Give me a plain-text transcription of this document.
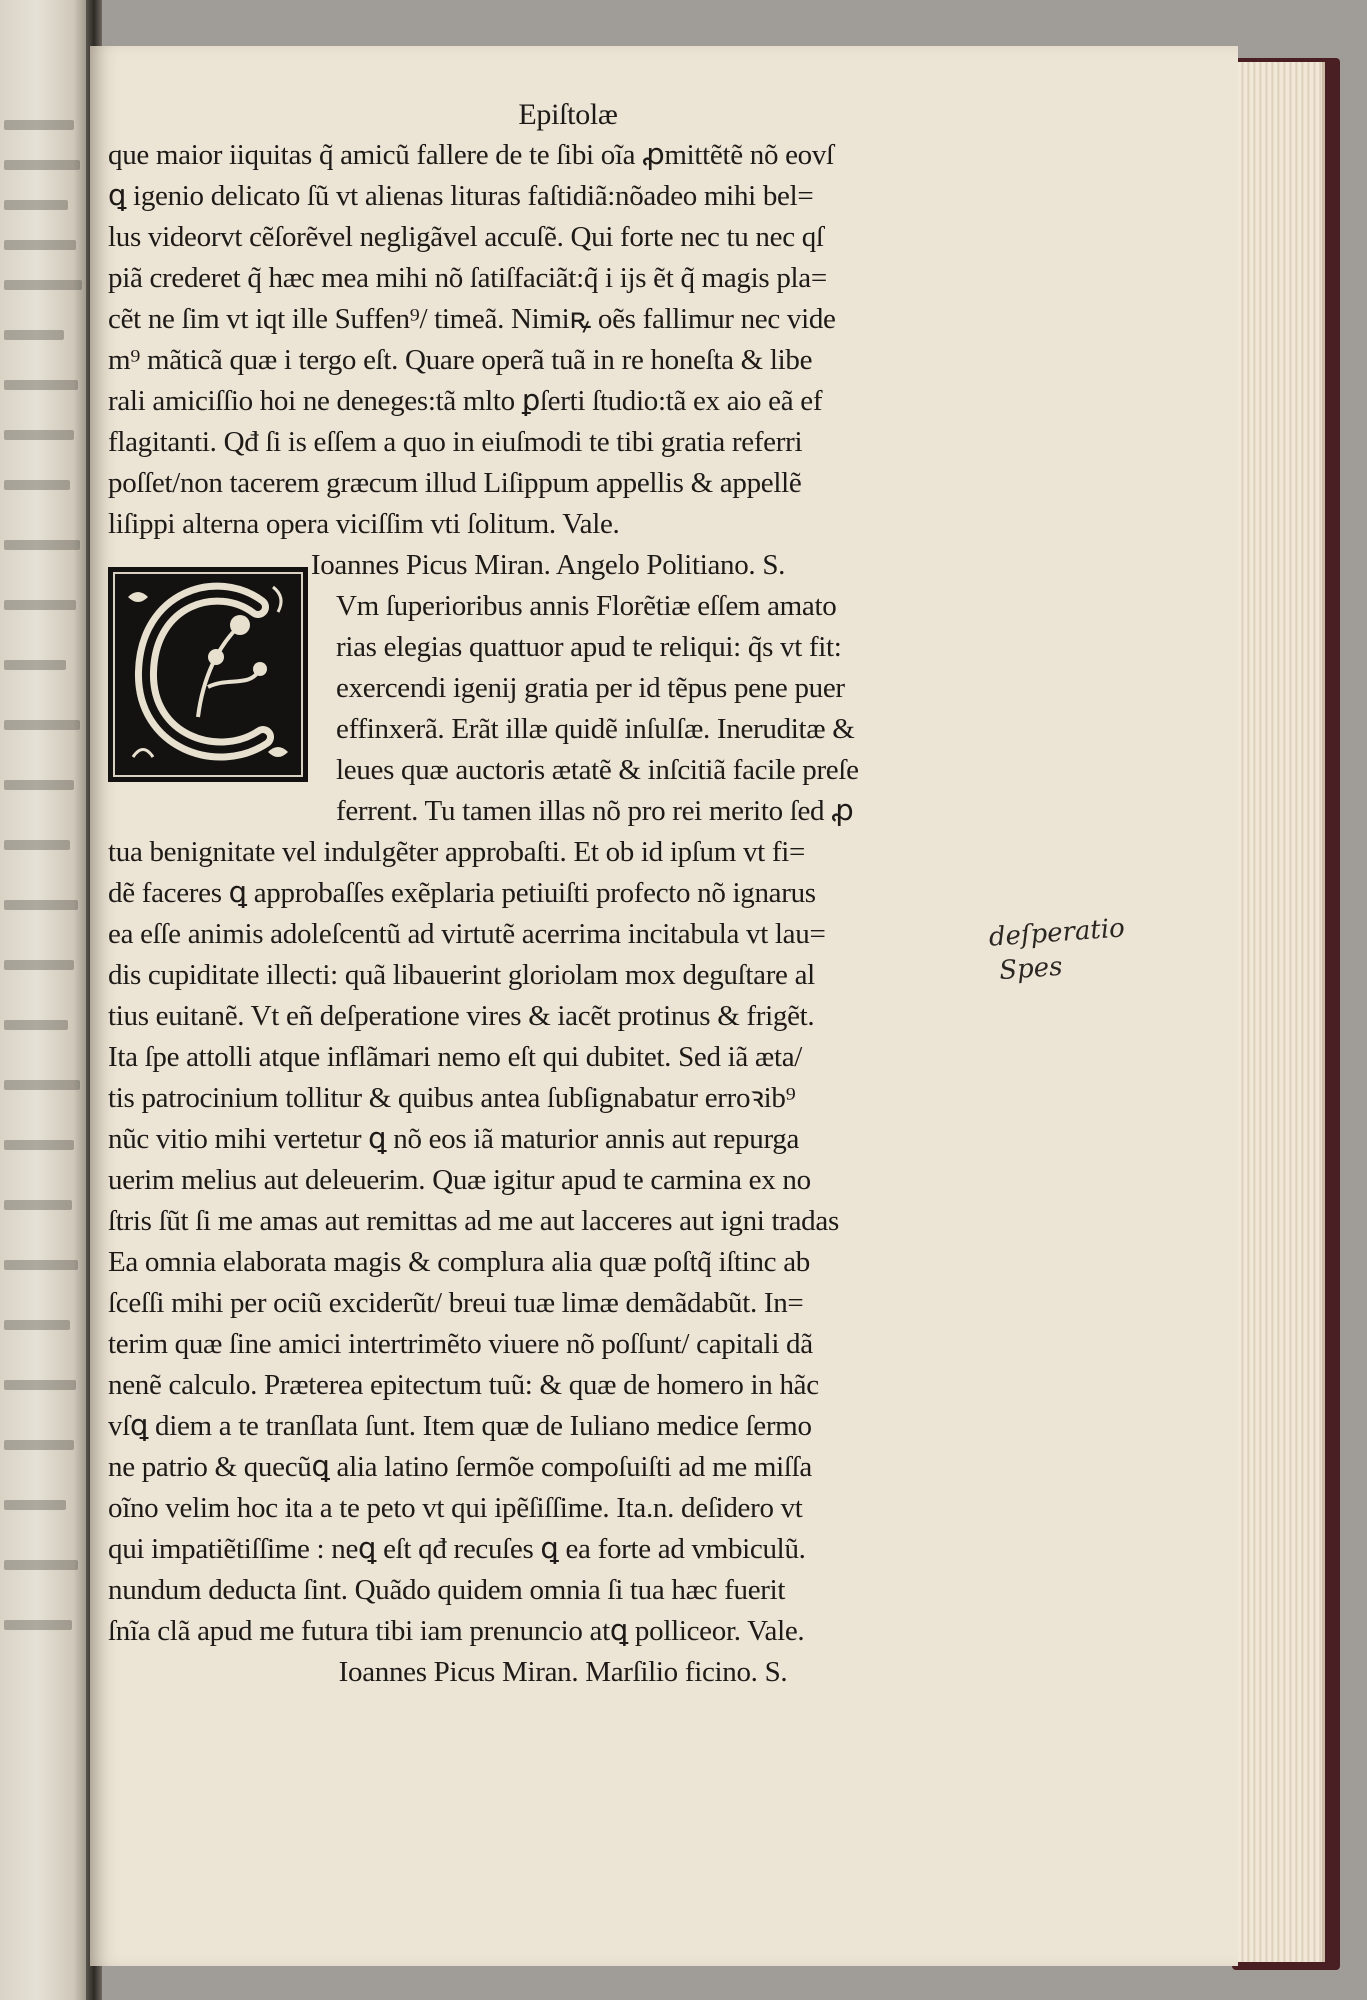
Epiſtolæ
que maior iiquitas q̃ amicũ fallere de te ſibi oĩa ꝓmittẽtẽ nõ eovſ
ꝗ igenio delicato ſũ vt alienas lituras faſtidiã:nõadeo mihi bel=
lus videorvt cẽſorẽvel negligãvel accuſẽ. Qui forte nec tu nec qſ
piã crederet q̃ hæc mea mihi nõ ſatiſfaciãt:q̃ i ijs ẽt q̃ magis pla=
cẽt ne ſim vt iqt ille Suffen⁹/ timeã. Nimiꝶ oẽs fallimur nec vide
m⁹ mãticã quæ i tergo eſt. Quare operã tuã in re honeſta & libe
rali amiciſſio hoi ne deneges:tã mlto ꝑſerti ſtudio:tã ex aio eã ef
flagitanti. Qđ ſi is eſſem a quo in eiuſmodi te tibi gratia referri
poſſet/non tacerem græcum illud Liſippum appellis & appellẽ
liſippi alterna opera viciſſim vti ſolitum. Vale.
Ioannes Picus Miran. Angelo Politiano. S.
Vm ſuperioribus annis Florẽtiæ eſſem amato
rias elegias quattuor apud te reliqui: q̃s vt fit:
exercendi igenij gratia per id tẽpus pene puer
effinxerã. Erãt illæ quidẽ inſulſæ. Ineruditæ &
leues quæ auctoris ætatẽ & inſcitiã facile preſe
ferrent. Tu tamen illas nõ pro rei merito ſed ꝓ
tua benignitate vel indulgẽter approbaſti. Et ob id ipſum vt fi=
dẽ faceres ꝗ approbaſſes exẽplaria petiuiſti profecto nõ ignarus
ea eſſe animis adoleſcentũ ad virtutẽ acerrima incitabula vt lau=
dis cupiditate illecti: quã libauerint gloriolam mox deguſtare al
tius euitanẽ. Vt eñ deſperatione vires & iacẽt protinus & frigẽt.
Ita ſpe attolli atque inflãmari nemo eſt qui dubitet. Sed iã æta/
tis patrocinium tollitur & quibus antea ſubſignabatur erroꝛib⁹
nũc vitio mihi vertetur ꝗ nõ eos iã maturior annis aut repurga
uerim melius aut deleuerim. Quæ igitur apud te carmina ex no
ſtris ſũt ſi me amas aut remittas ad me aut lacceres aut igni tradas
Ea omnia elaborata magis & complura alia quæ poſtq̃ iſtinc ab
ſceſſi mihi per ociũ exciderũt/ breui tuæ limæ demãdabũt. In=
terim quæ ſine amici intertrimẽto viuere nõ poſſunt/ capitali dã
nenẽ calculo. Præterea epitectum tuũ: & quæ de homero in hãc
vſꝗ diem a te tranſlata ſunt. Item quæ de Iuliano medice ſermo
ne patrio & quecũꝗ alia latino ſermõe compoſuiſti ad me miſſa
oĩno velim hoc ita a te peto vt qui ipẽſiſſime. Ita.n. deſidero vt
qui impatiẽtiſſime : neꝗ eſt qđ recuſes ꝗ ea forte ad vmbiculũ.
nundum deducta ſint. Quãdo quidem omnia ſi tua hæc fuerit
ſnĩa clã apud me futura tibi iam prenuncio atꝗ polliceor. Vale.
Ioannes Picus Miran. Marſilio ficino. S.
deſperatio
Spes
